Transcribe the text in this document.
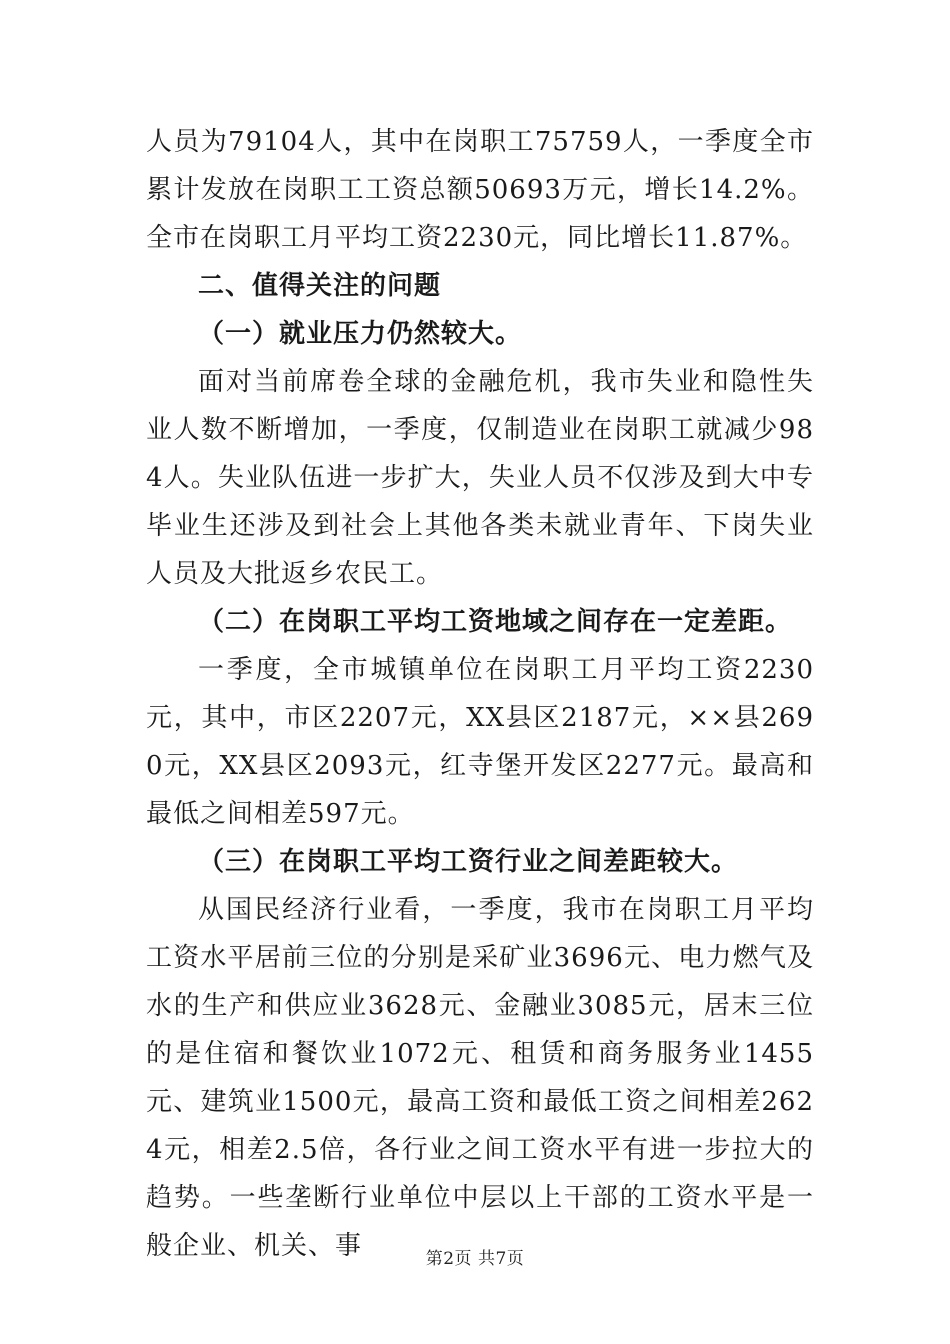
人员为79104人，其中在岗职工75759人，一季度全市累计发放在岗职工工资总额50693万元，增长14.2%。全市在岗职工月平均工资2230元，同比增长11.87%。

二、值得关注的问题

（一）就业压力仍然较大。

面对当前席卷全球的金融危机，我市失业和隐性失业人数不断增加，一季度，仅制造业在岗职工就减少984人。失业队伍进一步扩大，失业人员不仅涉及到大中专毕业生还涉及到社会上其他各类未就业青年、下岗失业人员及大批返乡农民工。

（二）在岗职工平均工资地域之间存在一定差距。

一季度，全市城镇单位在岗职工月平均工资2230元，其中，市区2207元，XX县区2187元，××县2690元，XX县区2093元，红寺堡开发区2277元。最高和最低之间相差597元。

（三）在岗职工平均工资行业之间差距较大。

从国民经济行业看，一季度，我市在岗职工月平均工资水平居前三位的分别是采矿业3696元、电力燃气及水的生产和供应业3628元、金融业3085元，居末三位的是住宿和餐饮业1072元、租赁和商务服务业1455元、建筑业1500元，最高工资和最低工资之间相差2624元，相差2.5倍，各行业之间工资水平有进一步拉大的趋势。一些垄断行业单位中层以上干部的工资水平是一般企业、机关、事	第2页 共7页
